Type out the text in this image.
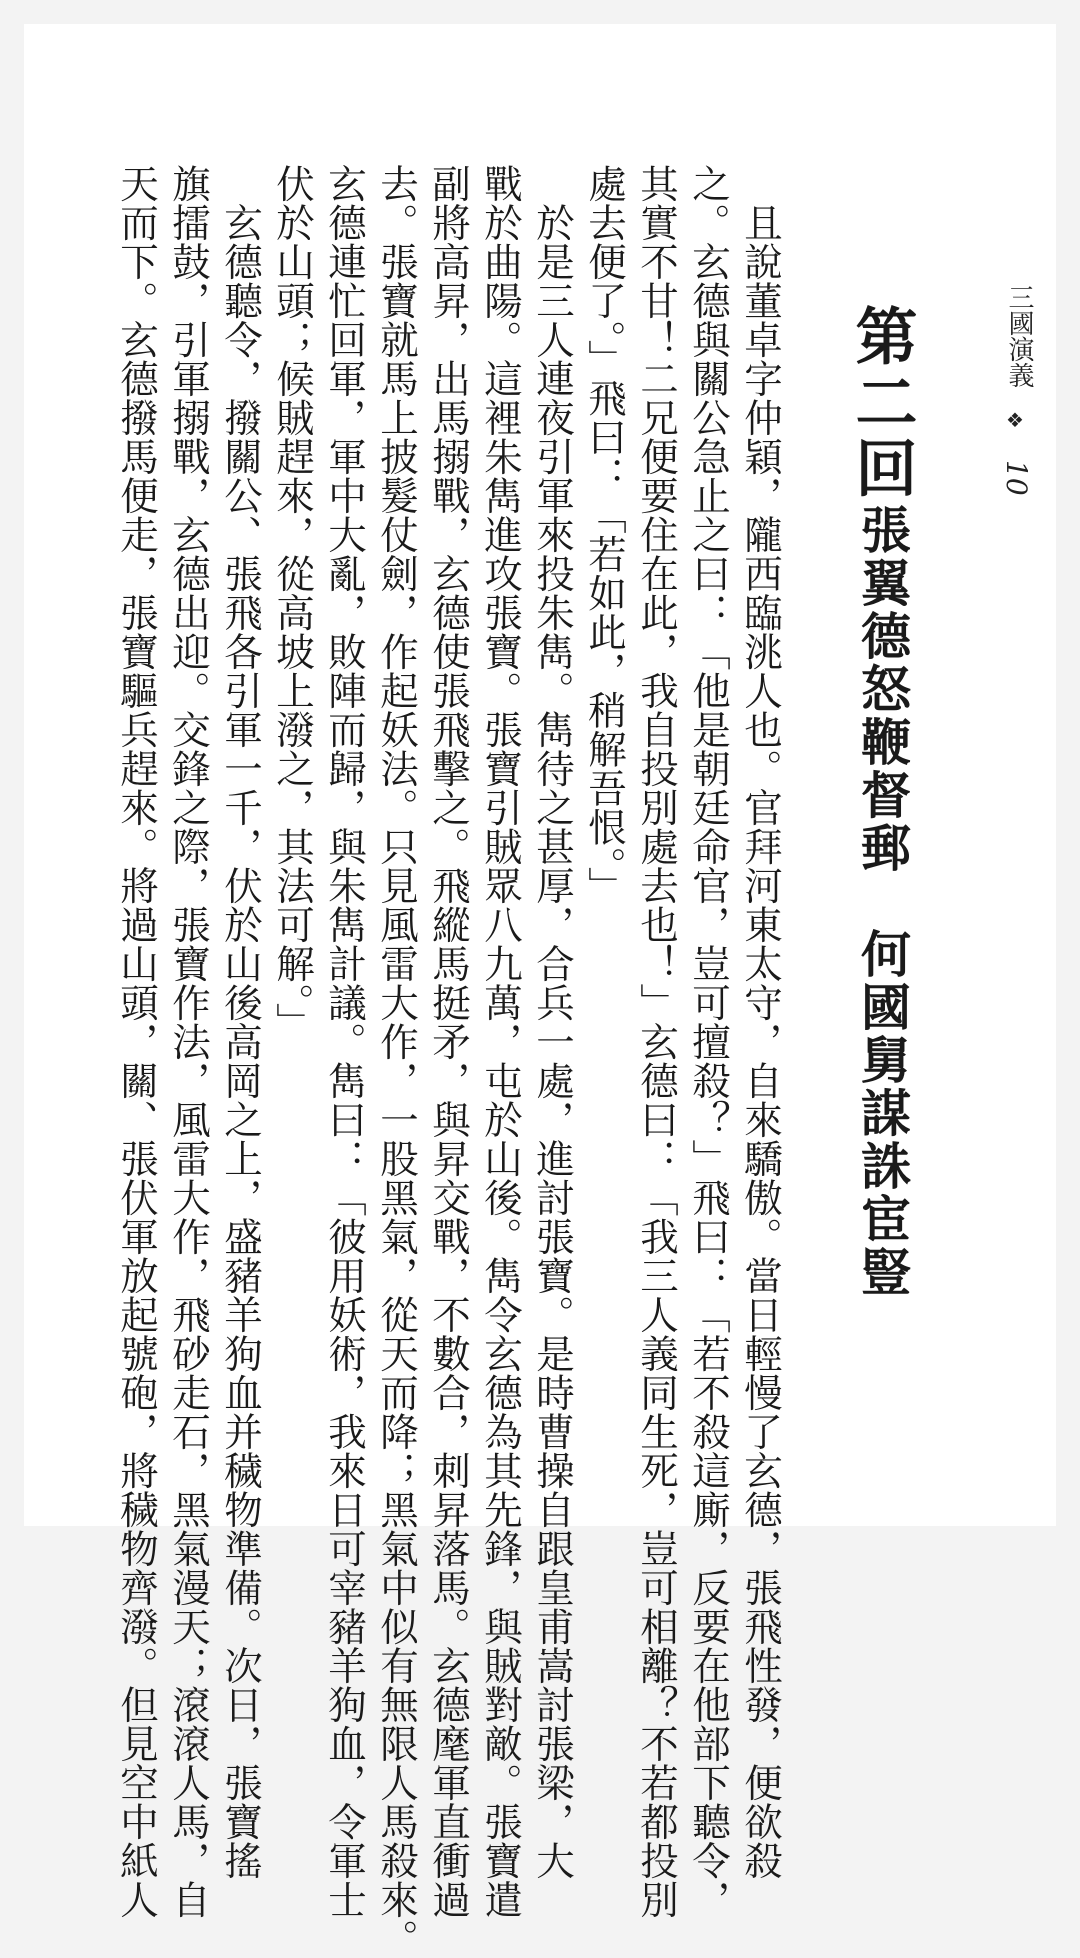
三國演義
❖
10
第二回
張翼德怒鞭督郵　何國舅謀誅宦豎
　且說董卓字仲穎，隴西臨洮人也。官拜河東太守，自來驕傲。當日輕慢了玄德，張飛性發，便欲殺
之。玄德與關公急止之曰：「他是朝廷命官，豈可擅殺？」飛曰：「若不殺這廝，反要在他部下聽令，
其實不甘！二兄便要住在此，我自投別處去也！」玄德曰：「我三人義同生死，豈可相離？不若都投別
處去便了。」飛曰：「若如此，稍解吾恨。」
　於是三人連夜引軍來投朱雋。雋待之甚厚，合兵一處，進討張寶。是時曹操自跟皇甫嵩討張梁，大
戰於曲陽。這裡朱雋進攻張寶。張寶引賊眾八九萬，屯於山後。雋令玄德為其先鋒，與賊對敵。張寶遣
副將高昇，出馬搦戰，玄德使張飛擊之。飛縱馬挺矛，與昇交戰，不數合，刺昇落馬。玄德麾軍直衝過
去。張寶就馬上披髮仗劍，作起妖法。只見風雷大作，一股黑氣，從天而降；黑氣中似有無限人馬殺來。
玄德連忙回軍，軍中大亂，敗陣而歸，與朱雋計議。雋曰：「彼用妖術，我來日可宰豬羊狗血，令軍士
伏於山頭；候賊趕來，從高坡上潑之，其法可解。」
　玄德聽令，撥關公、張飛各引軍一千，伏於山後高岡之上，盛豬羊狗血并穢物準備。次日，張寶搖
旗擂鼓，引軍搦戰，玄德出迎。交鋒之際，張寶作法，風雷大作，飛砂走石，黑氣漫天；滾滾人馬，自
天而下。玄德撥馬便走，張寶驅兵趕來。將過山頭，關、張伏軍放起號砲，將穢物齊潑。但見空中紙人
